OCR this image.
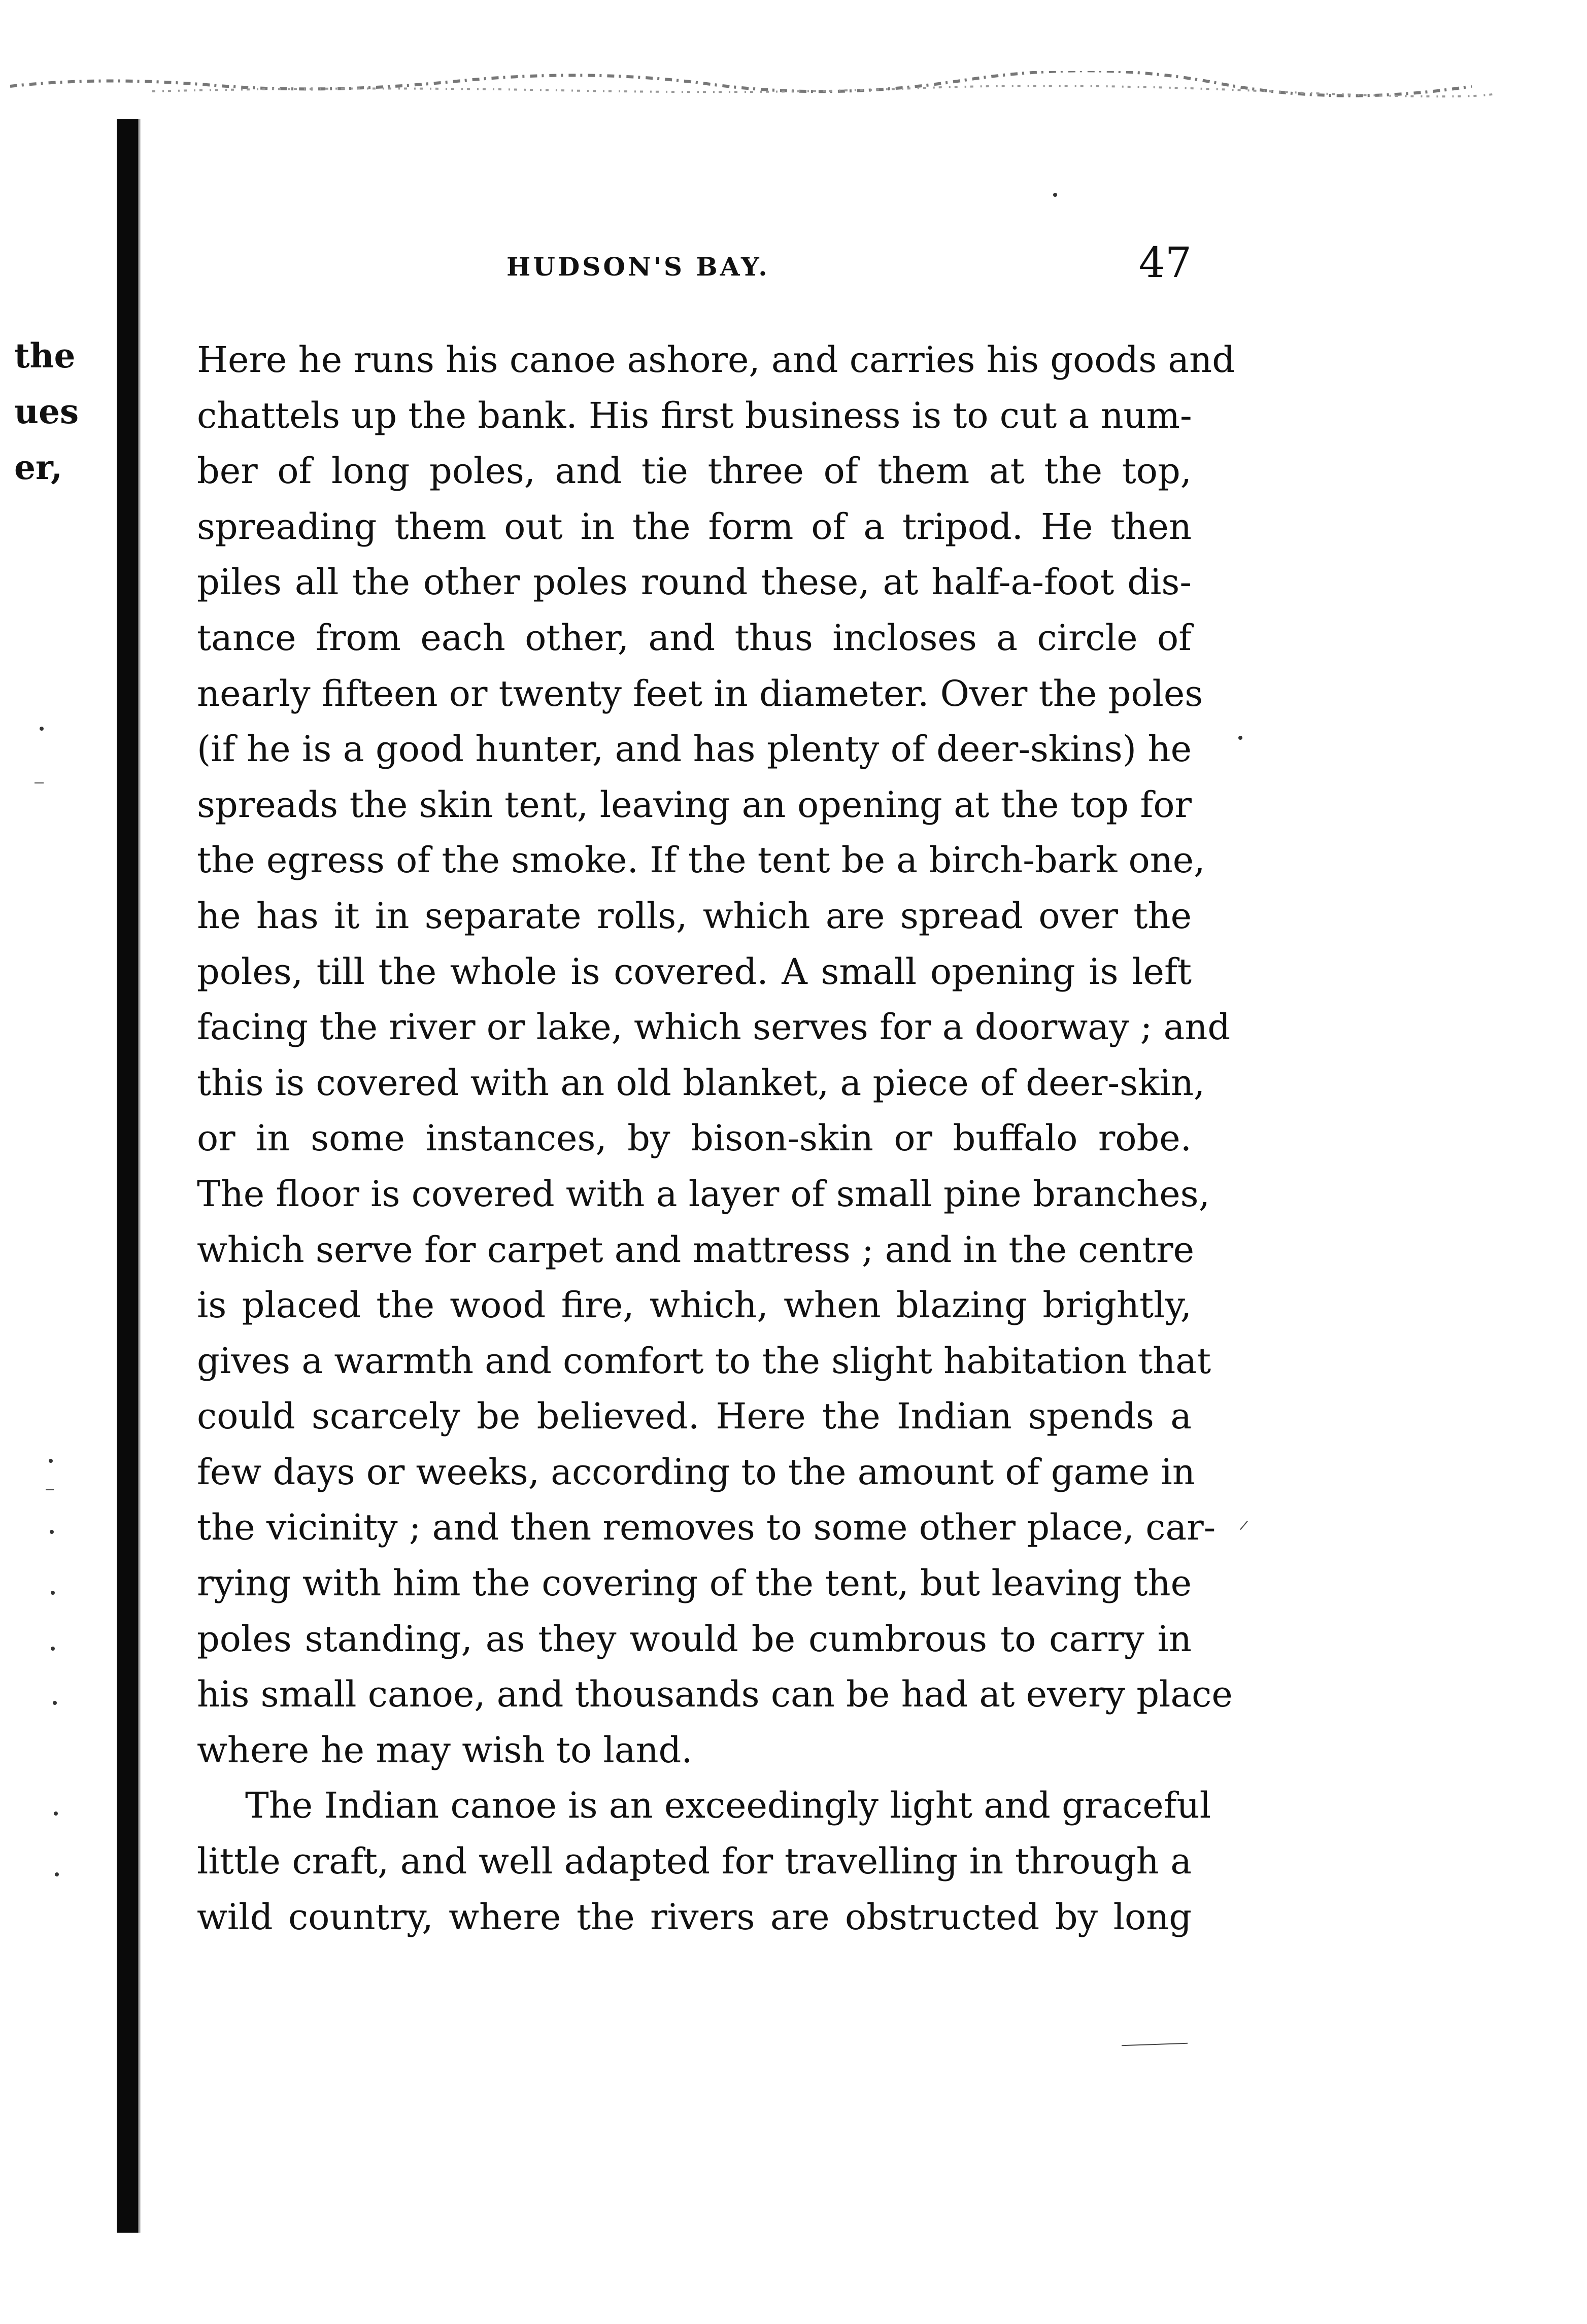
the
ues
er,
HUDSON'S BAY.	47
Here he runs his canoe ashore, and carries his goods and
chattels up the bank. His first business is to cut a num-
ber of long poles, and tie three of them at the top,
spreading them out in the form of a tripod. He then
piles all the other poles round these, at half-a-foot dis-
tance from each other, and thus incloses a circle of
nearly fifteen or twenty feet in diameter. Over the poles
(if he is a good hunter, and has plenty of deer-skins) he
spreads the skin tent, leaving an opening at the top for
the egress of the smoke. If the tent be a birch-bark one,
he has it in separate rolls, which are spread over the
poles, till the whole is covered. A small opening is left
facing the river or lake, which serves for a doorway ; and
this is covered with an old blanket, a piece of deer-skin,
or in some instances, by bison-skin or buffalo robe.
The floor is covered with a layer of small pine branches,
which serve for carpet and mattress ; and in the centre
is placed the wood fire, which, when blazing brightly,
gives a warmth and comfort to the slight habitation that
could scarcely be believed. Here the Indian spends a
few days or weeks, according to the amount of game in
the vicinity ; and then removes to some other place, car-
rying with him the covering of the tent, but leaving the
poles standing, as they would be cumbrous to carry in
his small canoe, and thousands can be had at every place
where he may wish to land.
The Indian canoe is an exceedingly light and graceful
little craft, and well adapted for travelling in through a
wild country, where the rivers are obstructed by long
